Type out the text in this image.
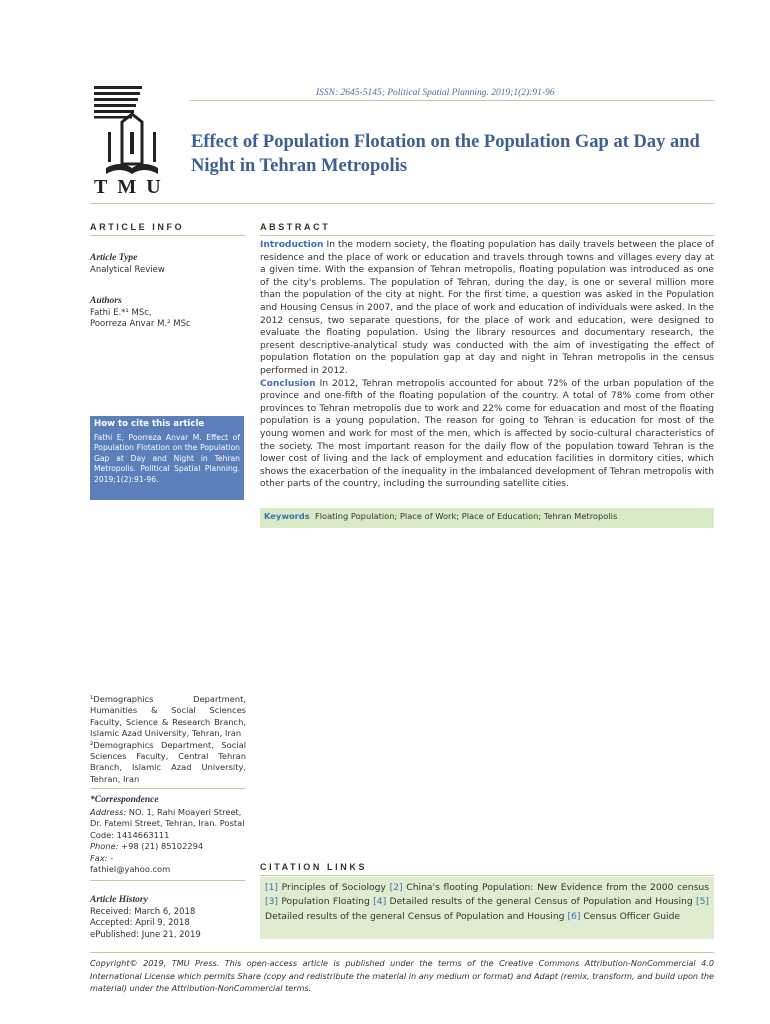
ISSN: 2645-5145; Political Spatial Planning. 2019;1(2):91-96
TMU
Effect of Population Flotation on the Population Gap at Day and Night in Tehran Metropolis
ARTICLE INFO	ABSTRACT
Article Type
Analytical Review
Authors
Fathi E.*¹ MSc,
Poorreza Anvar M.² MSc
How to cite this article
Fathi E, Poorreza Anvar M. Effect of Population Flotation on the Population Gap at Day and Night in Tehran Metropolis. Political Spatial Planning. 2019;1(2):91-96.
¹Demographics Department, Humanities & Social Sciences Faculty, Science & Research Branch, Islamic Azad University, Tehran, Iran
²Demographics Department, Social Sciences Faculty, Central Tehran Branch, Islamic Azad University, Tehran, Iran
*Correspondence
Address: NO. 1, Rahi Moayeri Street, Dr. Fatemi Street, Tehran, Iran. Postal Code: 1414663111
Phone: +98 (21) 85102294
Fax: -
fathiel@yahoo.com
Article History
Received: March 6, 2018
Accepted: April 9, 2018
ePublished: June 21, 2019

Introduction In the modern society, the floating population has daily travels between the place of residence and the place of work or education and travels through towns and villages every day at a given time. With the expansion of Tehran metropolis, floating population was introduced as one of the city's problems. The population of Tehran, during the day, is one or several million more than the population of the city at night. For the first time, a question was asked in the Population and Housing Census in 2007, and the place of work and education of individuals were asked. In the 2012 census, two separate questions, for the place of work and education, were designed to evaluate the floating population. Using the library resources and documentary research, the present descriptive-analytical study was conducted with the aim of investigating the effect of population flotation on the population gap at day and night in Tehran metropolis in the census performed in 2012.

Conclusion In 2012, Tehran metropolis accounted for about 72% of the urban population of the province and one-fifth of the floating population of the country. A total of 78% come from other provinces to Tehran metropolis due to work and 22% come for eduacation and most of the floating population is a young population. The reason for going to Tehran is education for most of the young women and work for most of the men, which is affected by socio-cultural characteristics of the society. The most important reason for the daily flow of the population toward Tehran is the lower cost of living and the lack of employment and education facilities in dormitory cities, which shows the exacerbation of the inequality in the imbalanced development of Tehran metropolis with other parts of the country, including the surrounding satellite cities.

Keywords Floating Population; Place of Work; Place of Education; Tehran Metropolis
CITATION LINKS
[1] Principles of Sociology [2] China's flooting Population: New Evidence from the 2000 census [3] Population Floating [4] Detailed results of the general Census of Population and Housing [5] Detailed results of the general Census of Population and Housing [6] Census Officer Guide
Copyright© 2019, TMU Press. This open-access article is published under the terms of the Creative Commons Attribution-NonCommercial 4.0 International License which permits Share (copy and redistribute the material in any medium or format) and Adapt (remix, transform, and build upon the material) under the Attribution-NonCommercial terms.
